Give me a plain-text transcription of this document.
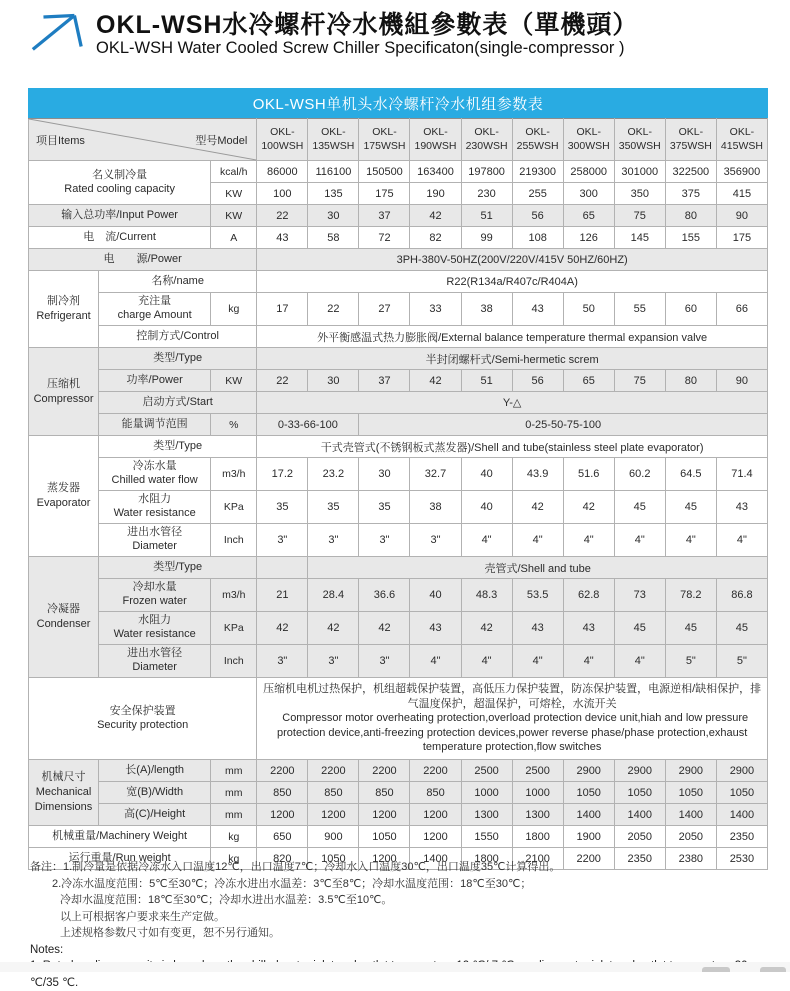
OKL-WSH水冷螺杆冷水機組參數表（單機頭）
OKL-WSH Water Cooled Screw Chiller Specificaton(single-compressor )
OKL-WSH单机头水冷螺杆冷水机组参数表
项目Items 型号Model			OKL-100WSH	OKL-135WSH	OKL-175WSH	OKL-190WSH	OKL-230WSH	OKL-255WSH	OKL-300WSH	OKL-350WSH	OKL-375WSH	OKL-415WSH

名义制冷量
Rated cooling capacity		kcal/h	86000	116100	150500	163400	197800	219300	258000	301000	322500	356900
		KW	100	135	175	190	230	255	300	350	375	415
输入总功率/Input Power		KW	22	30	37	42	51	56	65	75	80	90
电　流/Current		A	43	58	72	82	99	108	126	145	155	175
电　　源/Power			3PH-380V-50HZ(200V/220V/415V 50HZ/60HZ)									

制冷剂
Refrigerant	名称/name		R22(R134a/R407c/R404A)									

	充注量
charge Amount	kg	17	22	27	33	38	43	50	55	60	66
	控制方式/Control		外平衡感温式热力膨胀阀/External balance temperature thermal expansion valve									

压缩机
Compressor	类型/Type		半封闭螺杆式/Semi-hermetic screm									
	功率/Power	KW	22	30	37	42	51	56	65	75	80	90
	启动方式/Start		Y-△									
	能量调节范围	%	0-33-66-100		0-25-50-75-100							

蒸发器
Evaporator	类型/Type		干式壳管式(不锈钢板式蒸发器)/Shell and tube(stainless steel plate evaporator)									

	冷冻水量
Chilled water flow	m3/h	17.2	23.2	30	32.7	40	43.9	51.6	60.2	64.5	71.4

	水阻力
Water resistance	KPa	35	35	35	38	40	42	42	45	45	43

	进出水管径
Diameter	Inch	3"	3"	3"	3"	4"	4"	4"	4"	4"	4"

冷凝器
Condenser	类型/Type			壳管式/Shell and tube								

	冷却水量
Frozen water	m3/h	21	28.4	36.6	40	48.3	53.5	62.8	73	78.2	86.8

	水阻力
Water resistance	KPa	42	42	42	43	42	43	43	45	45	45

	进出水管径
Diameter	Inch	3"	3"	3"	4"	4"	4"	4"	4"	5"	5"

安全保护装置
Security protection

压缩机电机过热保护，机组超载保护装置，高低压力保护装置，防冻保护装置，电源逆相/缺相保护，排气温度保护，超温保护，可熔栓，水流开关
Compressor motor overheating protection,overload protection device unit,hiah and low pressure protection device,anti-freezing protection devices,power reverse phase/phase protection,exhaust temperature protection,flow switches

机械尺寸
Mechanical
Dimensions	长(A)/length	mm	2200	2200	2200	2200	2500	2500	2900	2900	2900	2900
	宽(B)/Width	mm	850	850	850	850	1000	1000	1050	1050	1050	1050
	高(C)/Height	mm	1200	1200	1200	1200	1300	1300	1400	1400	1400	1400
机械重量/Machinery Weight		kg	650	900	1050	1200	1550	1800	1900	2050	2050	2350
运行重量/Run weight		kg	820	1050	1200	1400	1800	2100	2200	2350	2380	2530
备注：1.制冷量是依据冷冻水入口温度12℃，出口温度7℃；冷却水入口温度30℃，出口温度35℃计算得出。
2.冷冻水温度范围：5℃至30℃；冷冻水进出水温差：3℃至8℃；冷却水温度范围：18℃至30℃；
冷却水温度范围：18℃至30℃；冷却水进出水温差：3.5℃至10℃。
以上可根据客户要求来生产定做。
上述规格参数尺寸如有变更，恕不另行通知。
Notes:
℃/35 ℃.
